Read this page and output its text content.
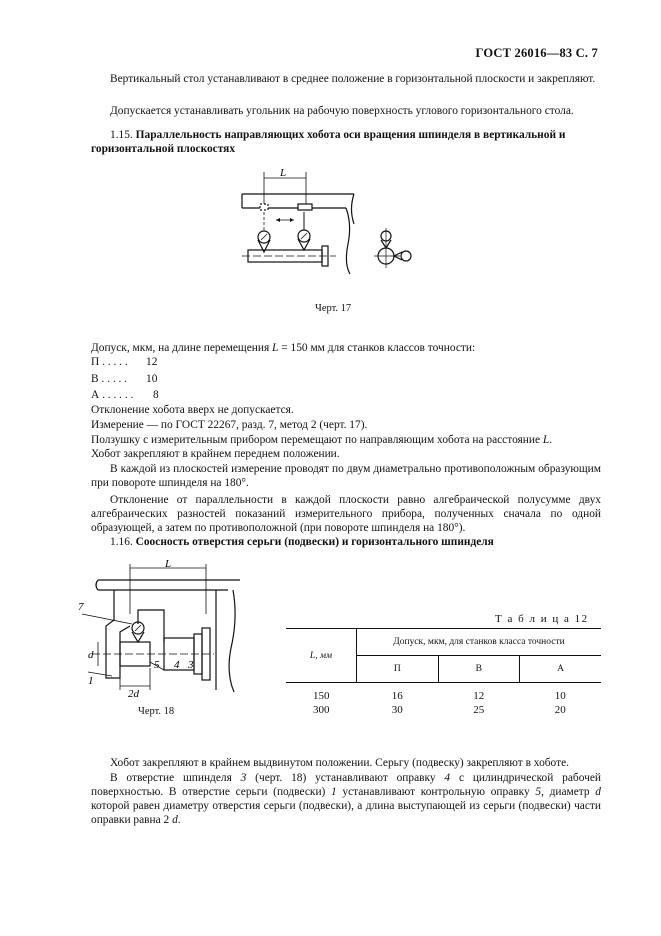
ГОСТ 26016—83 С. 7
Вертикальный стол устанавливают в среднее положение в горизонтальной плоскости и закрепляют.
Допускается устанавливать угольник на рабочую поверхность углового горизонтального стола.
1.15. Параллельность направляющих хобота оси вращения шпинделя в вертикальной и горизонтальной плоскостях
L
Черт. 17
Допуск, мкм, на длине перемещения L = 150 мм для станков классов точности:
П . . . . . 12
В . . . . . 10
А . . . . . . 8
Отклонение хобота вверх не допускается.
Измерение — по ГОСТ 22267, разд. 7, метод 2 (черт. 17).
Ползушку с измерительным прибором перемещают по направляющим хобота на расстояние L.
Хобот закрепляют в крайнем переднем положении.
В каждой из плоскостей измерение проводят по двум диаметрально противоположным образующим при повороте шпинделя на 180°.
Отклонение от параллельности в каждой плоскости равно алгебраической полусумме двух алгебраических разностей показаний измерительного прибора, полученных сначала по одной образующей, а затем по противоположной (при повороте шпинделя на 180°).
1.16. Соосность отверстия серьги (подвески) и горизонтального шпинделя
L
7
d
1
2d
5 4 3
Черт. 18
Т а б л и ц а 12
L, мм	Допуск, мкм, для станков класса точности		
	П	В	А
150	16	12	10
300	30	25	20
Хобот закрепляют в крайнем выдвинутом положении. Серьгу (подвеску) закрепляют в хоботе.
В отверстие шпинделя 3 (черт. 18) устанавливают оправку 4 с цилиндрической рабочей поверхностью. В отверстие серьги (подвески) 1 устанавливают контрольную оправку 5, диаметр d которой равен диаметру отверстия серьги (подвески), а длина выступающей из серьги (подвески) части оправки равна 2 d.
